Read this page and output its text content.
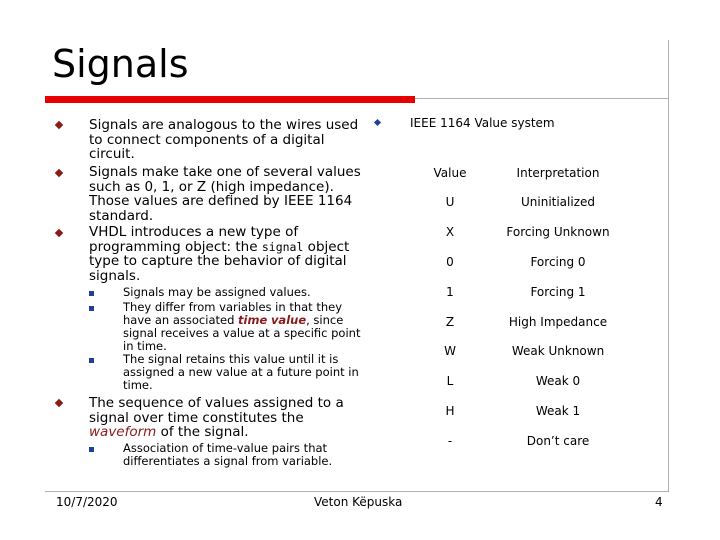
Signals
Signals are analogous to the wires used to connect components of a digital circuit.
Signals make take one of several values such as 0, 1, or Z (high impedance). Those values are defined by IEEE 1164 standard.
VHDL introduces a new type of programming object: the signal object type to capture the behavior of digital signals.
Signals may be assigned values.
They differ from variables in that they have an associated time value, since signal receives a value at a specific point in time.
The signal retains this value until it is assigned a new value at a future point in time.
The sequence of values assigned to a signal over time constitutes the waveform of the signal.
Association of time-value pairs that differentiates a signal from variable.
IEEE 1164 Value system
Value	Interpretation
U	Uninitialized
X	Forcing Unknown
0	Forcing 0
1	Forcing 1
Z	High Impedance
W	Weak Unknown
L	Weak 0
H	Weak 1
-	Don’t care
10/7/2020	Veton Këpuska	4
